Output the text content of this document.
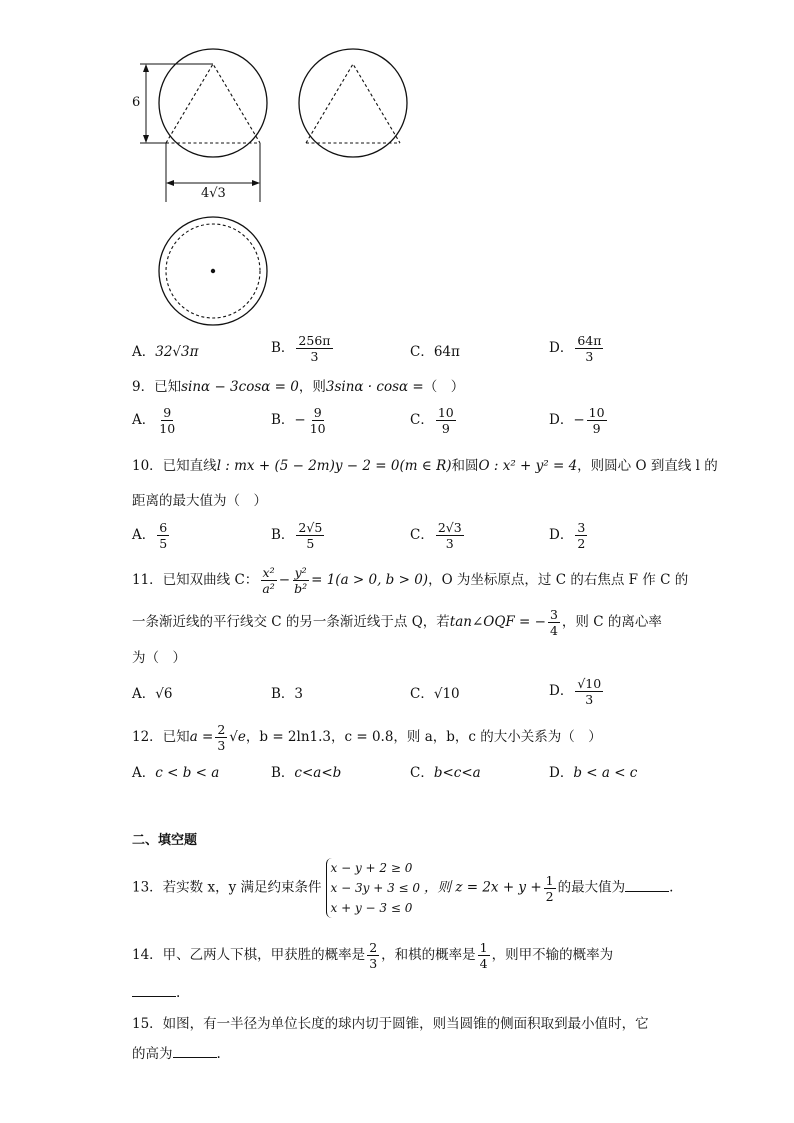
6
4√3
A．32√3π	B． $\frac{256\pi}{3}$	C．64π	D． $\frac{64\pi}{3}$
9．已知sinα − 3cosα = 0，则3sinα · cosα =（　）
A． $\frac{9}{10}$	B．− $\frac{9}{10}$	C． $\frac{10}{9}$	D．− $\frac{10}{9}$
10．已知直线l : mx + (5 − 2m)y − 2 = 0(m ∈ R)和圆O : x² + y² = 4，则圆心 O 到直线 l 的
距离的最大值为（　）
A． $\frac{6}{5}$	B． $\frac{2√5}{5}$	C． $\frac{2√3}{3}$	D． $\frac{3}{2}$
11．已知双曲线 C： $\frac{\text{x²}}{\text{a²}} - \frac{\text{y²}}{\text{b²}} = 1(a > 0$, b > 0)，O 为坐标原点，过 C 的右焦点 F 作 C 的
一条渐近线的平行线交 C 的另一条渐近线于点 Q，若tan∠OQF = − $\frac{3}{4}$ ，则 C 的离心率
为（　）
A．√6	B．3	C．√10	D． $\frac{√10}{3}$
12．已知$a = \frac{2}{3} √e$，b = 2ln1.3，c = 0.8，则 a，b，c 的大小关系为（　）
A．c < b < a	B．c<a<b	C．b<c<a	D．b < a < c
二、填空题
13．若实数 x，y 满足约束条件
x − y + 2 ≥ 0
x − 3y + 3 ≤ 0
x + y − 3 ≤ 0
，则 $z = 2x + y + \frac{1}{2}$ 的最大值为	.
14．甲、乙两人下棋，甲获胜的概率是 $\frac{2}{3}$ ，和棋的概率是 $\frac{1}{4}$ ，则甲不输的概率为
.
15．如图，有一半径为单位长度的球内切于圆锥，则当圆锥的侧面积取到最小值时，它
的高为	.
